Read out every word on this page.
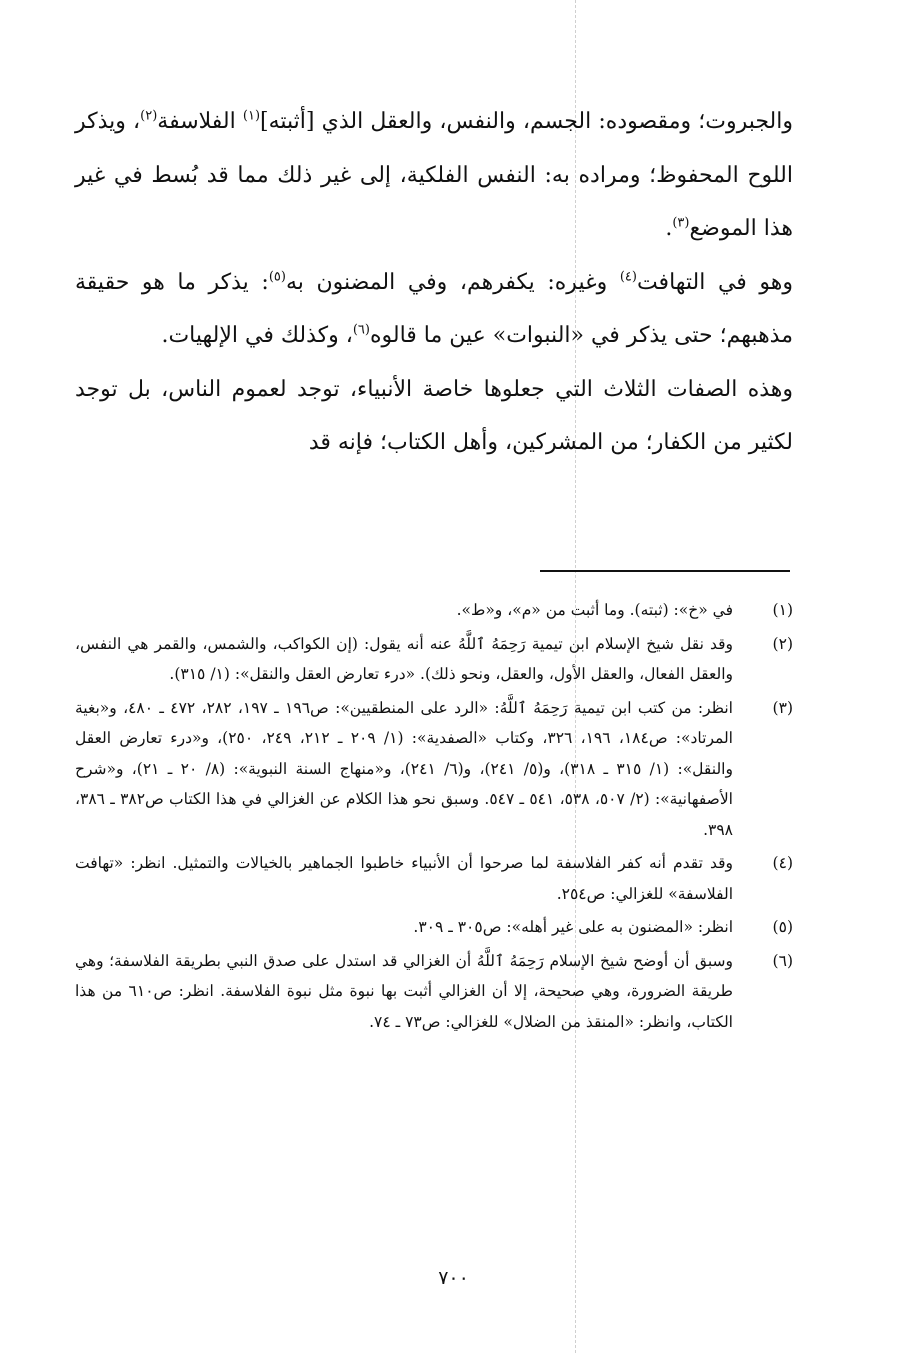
والجبروت؛ ومقصوده: الجسم، والنفس، والعقل الذي [أثبته]$^{(١)}$ الفلاسفة$^{(٢)}$، ويذكر اللوح المحفوظ؛ ومراده به: النفس الفلكية، إلى غير ذلك مما قد بُسط في غير هذا الموضع$^{(٣)}$.

وهو في التهافت$^{(٤)}$ وغيره: يكفرهم، وفي المضنون به$^{(٥)}$: يذكر ما هو حقيقة مذهبهم؛ حتى يذكر في «النبوات» عين ما قالوه$^{(٦)}$، وكذلك في الإلهيات.

وهذه الصفات الثلاث التي جعلوها خاصة الأنبياء، توجد لعموم الناس، بل توجد لكثير من الكفار؛ من المشركين، وأهل الكتاب؛ فإنه قد

(١)
في «خ»: (ثبته). وما أثبت من «م»، و«ط».
(٢)
وقد نقل شيخ الإسلام ابن تيمية رَحِمَهُ ٱللَّهُ عنه أنه يقول: (إن الكواكب، والشمس، والقمر هي النفس، والعقل الفعال، والعقل الأول، والعقل، ونحو ذلك). «درء تعارض العقل والنقل»: (١/ ٣١٥).
(٣)
انظر: من كتب ابن تيمية رَحِمَهُ ٱللَّهُ: «الرد على المنطقيين»: ص١٩٦ ـ ١٩٧، ٢٨٢، ٤٧٢ ـ ٤٨٠، و«بغية المرتاد»: ص١٨٤، ١٩٦، ٣٢٦، وكتاب «الصفدية»: (١/ ٢٠٩ ـ ٢١٢، ٢٤٩، ٢٥٠)، و«درء تعارض العقل والنقل»: (١/ ٣١٥ ـ ٣١٨)، و(٥/ ٢٤١)، و(٦/ ٢٤١)، و«منهاج السنة النبوية»: (٨/ ٢٠ ـ ٢١)، و«شرح الأصفهانية»: (٢/ ٥٠٧، ٥٣٨، ٥٤١ ـ ٥٤٧. وسبق نحو هذا الكلام عن الغزالي في هذا الكتاب ص٣٨٢ ـ ٣٨٦، ٣٩٨.
(٤)
وقد تقدم أنه كفر الفلاسفة لما صرحوا أن الأنبياء خاطبوا الجماهير بالخيالات والتمثيل. انظر: «تهافت الفلاسفة» للغزالي: ص٢٥٤.
(٥)
انظر: «المضنون به على غير أهله»: ص٣٠٥ ـ ٣٠٩.
(٦)
وسبق أن أوضح شيخ الإسلام رَحِمَهُ ٱللَّهُ أن الغزالي قد استدل على صدق النبي بطريقة الفلاسفة؛ وهي طريقة الضرورة، وهي صحيحة، إلا أن الغزالي أثبت بها نبوة مثل نبوة الفلاسفة. انظر: ص٦١٠ من هذا الكتاب، وانظر: «المنقذ من الضلال» للغزالي: ص٧٣ ـ ٧٤.
٧٠٠
